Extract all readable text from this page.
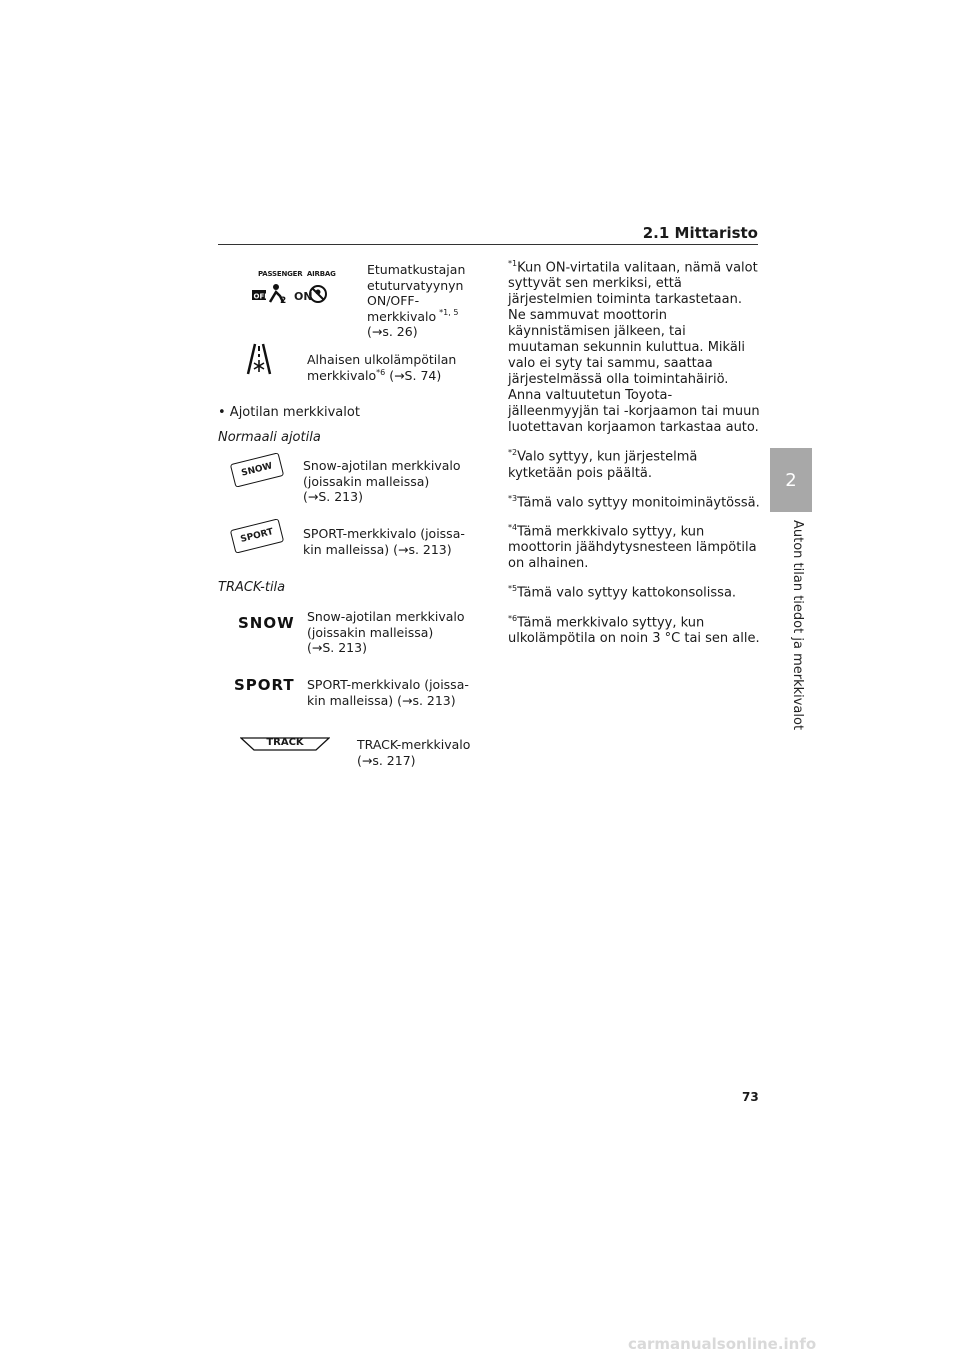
2.1 Mittaristo
2
Auton tilan tiedot ja merkkivalot
PASSENGER  AIRBAG
OFF 2 ON
Etumatkustajan
etuturvatyynyn
ON/OFF-
merkkivalo $^{*1, 5}$
(→s. 26)
Alhaisen ulkolämpötilan
merkkivalo$^{*6}$ (→S. 74)
• Ajotilan merkkivalot
Normaali ajotila
SNOW Snow-ajotilan merkkivalo
(joissakin malleissa)
(→S. 213)
SPORT SPORT-merkkivalo (joissa-
kin malleissa) (→s. 213)
TRACK-tila
SNOW Snow-ajotilan merkkivalo
(joissakin malleissa)
(→S. 213)
SPORT SPORT-merkkivalo (joissa-
kin malleissa) (→s. 213)
TRACK	TRACK-merkkivalo
(→s. 217)

$^{*1}$Kun ON-virtatila valitaan, nämä valot syttyvät sen merkiksi, että järjestelmien toiminta tarkastetaan. Ne sammuvat moottorin käynnistämisen jälkeen, tai muutaman sekunnin kuluttua. Mikäli valo ei syty tai sammu, saattaa järjestelmässä olla toimintahäiriö. Anna valtuutetun Toyota-jälleenmyyjän tai -korjaamon tai muun luotettavan korjaamon tarkastaa auto.

$^{*2}$Valo syttyy, kun järjestelmä kytketään pois päältä.

$^{*3}$Tämä valo syttyy monitoiminäytössä.

$^{*4}$Tämä merkkivalo syttyy, kun moottorin jäähdytysnesteen lämpötila on alhainen.

$^{*5}$Tämä valo syttyy kattokonsolissa.

$^{*6}$Tämä merkkivalo syttyy, kun ulkolämpötila on noin 3 °C tai sen alle.

73
carmanualsonline.info
